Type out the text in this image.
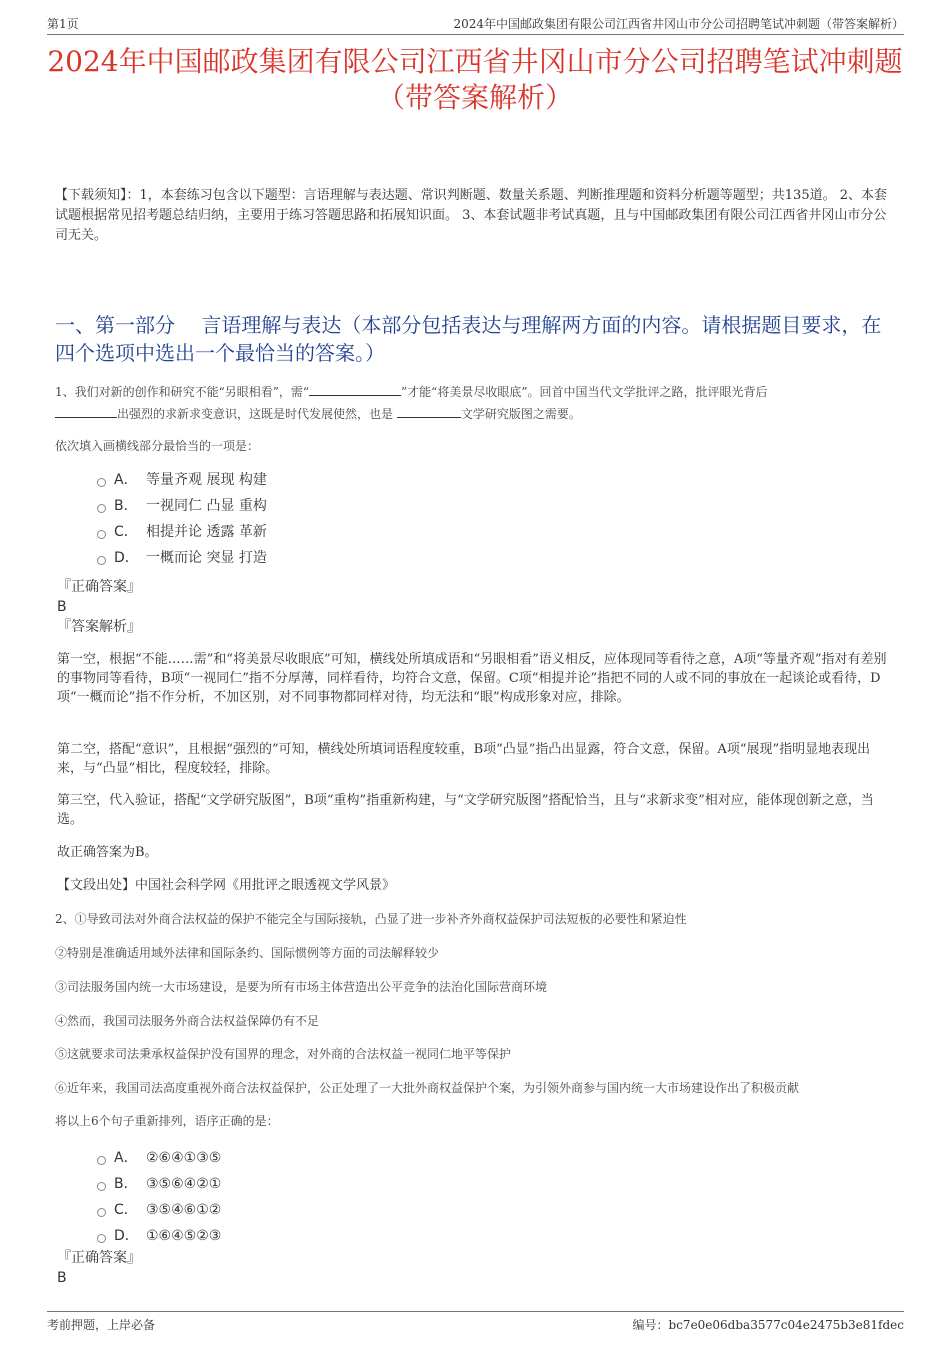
第1页	2024年中国邮政集团有限公司江西省井冈山市分公司招聘笔试冲刺题（带答案解析）
2024年中国邮政集团有限公司江西省井冈山市分公司招聘笔试冲刺题（带答案解析）
【下载须知】：1，本套练习包含以下题型：言语理解与表达题、常识判断题、数量关系题、判断推理题和资料分析题等题型；共135道。 2、本套试题根据常见招考题总结归纳，主要用于练习答题思路和拓展知识面。 3、本套试题非考试真题，且与中国邮政集团有限公司江西省井冈山市分公司无关。
一、第一部分　 言语理解与表达（本部分包括表达与理解两方面的内容。请根据题目要求，在四个选项中选出一个最恰当的答案。）
1、我们对新的创作和研究不能“另眼相看”，需“	”才能“将美景尽收眼底”。回首中国当代文学批评之路，批评眼光背后
出强烈的求新求变意识，这既是时代发展使然，也是	文学研究版图之需要。
依次填入画横线部分最恰当的一项是：
A． 等量齐观 展现 构建
B． 一视同仁 凸显 重构
C． 相提并论 透露 革新
D． 一概而论 突显 打造
『正确答案』
B
『答案解析』
第一空，根据“不能……需”和“将美景尽收眼底”可知，横线处所填成语和“另眼相看”语义相反，应体现同等看待之意，A项“等量齐观”指对有差别的事物同等看待，B项“一视同仁”指不分厚薄，同样看待，均符合文意，保留。C项“相提并论”指把不同的人或不同的事放在一起谈论或看待，D项“一概而论”指不作分析，不加区别，对不同事物都同样对待，均无法和“眼”构成形象对应，排除。
第二空，搭配“意识”，且根据“强烈的”可知，横线处所填词语程度较重，B项“凸显”指凸出显露，符合文意，保留。A项“展现”指明显地表现出来，与“凸显”相比，程度较轻，排除。
第三空，代入验证，搭配“文学研究版图”，B项“重构”指重新构建，与“文学研究版图”搭配恰当，且与“求新求变”相对应，能体现创新之意，当选。
故正确答案为B。
【文段出处】中国社会科学网《用批评之眼透视文学风景》
2、①导致司法对外商合法权益的保护不能完全与国际接轨，凸显了进一步补齐外商权益保护司法短板的必要性和紧迫性
②特别是准确适用域外法律和国际条约、国际惯例等方面的司法解释较少
③司法服务国内统一大市场建设，是要为所有市场主体营造出公平竞争的法治化国际营商环境
④然而，我国司法服务外商合法权益保障仍有不足
⑤这就要求司法秉承权益保护没有国界的理念，对外商的合法权益一视同仁地平等保护
⑥近年来，我国司法高度重视外商合法权益保护，公正处理了一大批外商权益保护个案，为引领外商参与国内统一大市场建设作出了积极贡献
将以上6个句子重新排列，语序正确的是：
A． ②⑥④①③⑤
B． ③⑤⑥④②①
C． ③⑤④⑥①②
D． ①⑥④⑤②③
『正确答案』
B
考前押题，上岸必备	编号：bc7e0e06dba3577c04e2475b3e81fdec
